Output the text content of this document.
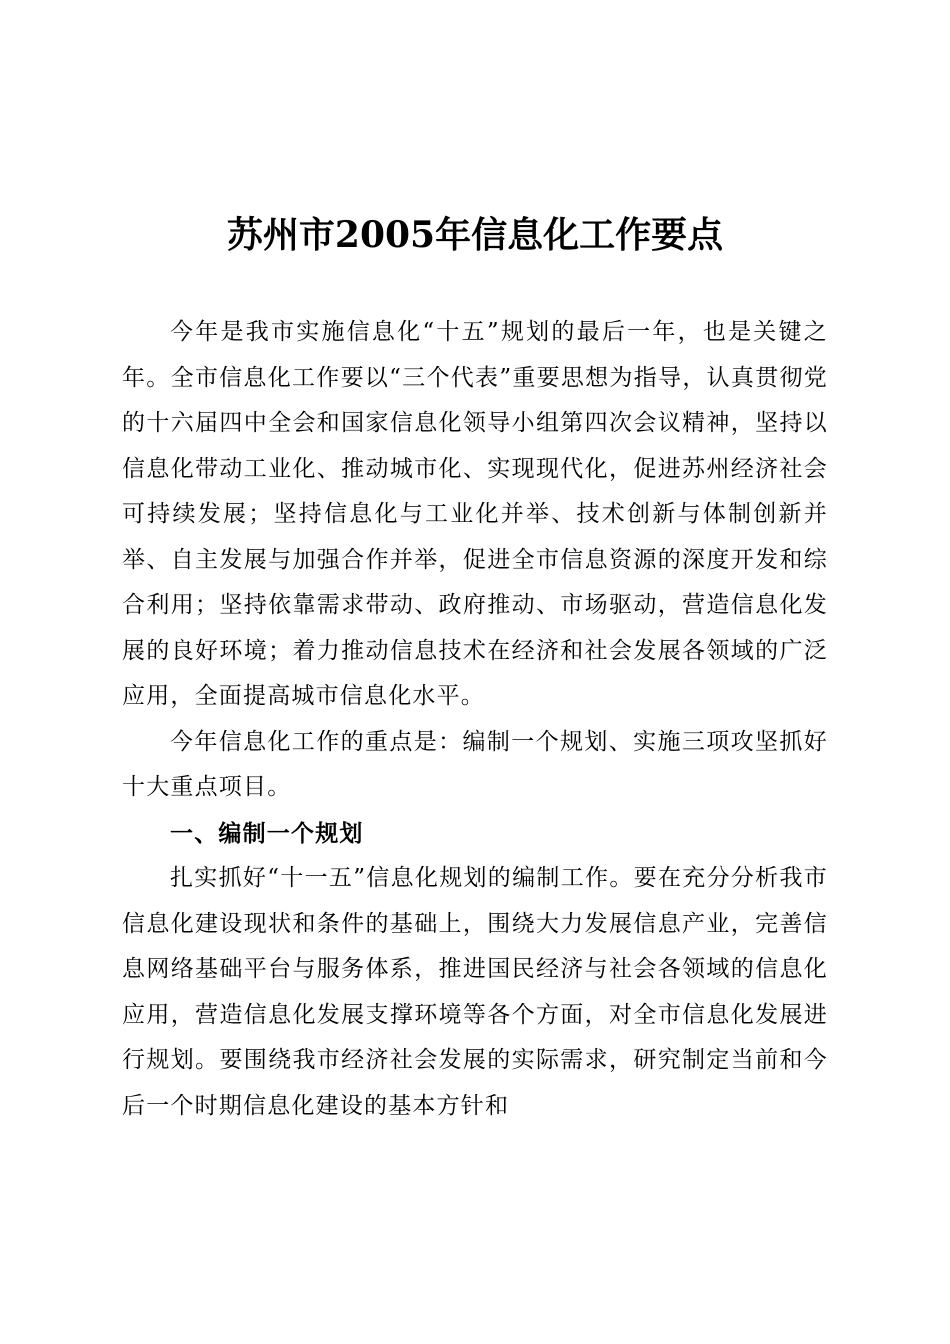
苏州市2005年信息化工作要点

今年是我市实施信息化“十五”规划的最后一年，也是关键之年。全市信息化工作要以“三个代表”重要思想为指导，认真贯彻党的十六届四中全会和国家信息化领导小组第四次会议精神，坚持以信息化带动工业化、推动城市化、实现现代化，促进苏州经济社会可持续发展；坚持信息化与工业化并举、技术创新与体制创新并举、自主发展与加强合作并举，促进全市信息资源的深度开发和综合利用；坚持依靠需求带动、政府推动、市场驱动，营造信息化发展的良好环境；着力推动信息技术在经济和社会发展各领域的广泛应用，全面提高城市信息化水平。

今年信息化工作的重点是：编制一个规划、实施三项攻坚抓好十大重点项目。

一、编制一个规划

扎实抓好“十一五”信息化规划的编制工作。要在充分分析我市信息化建设现状和条件的基础上，围绕大力发展信息产业，完善信息网络基础平台与服务体系，推进国民经济与社会各领域的信息化应用，营造信息化发展支撑环境等各个方面，对全市信息化发展进行规划。要围绕我市经济社会发展的实际需求，研究制定当前和今后一个时期信息化建设的基本方针和
